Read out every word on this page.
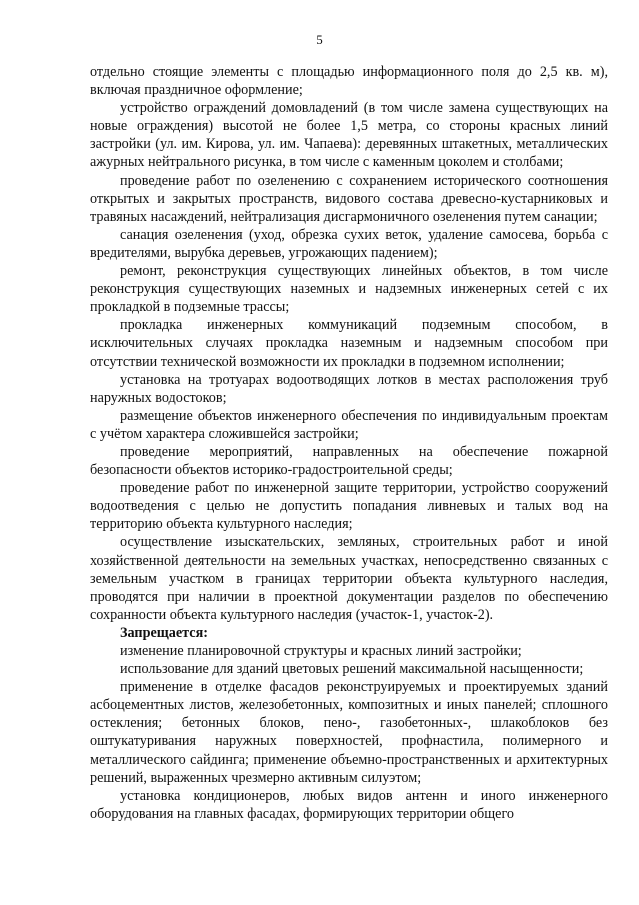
5

отдельно стоящие элементы с площадью информационного поля до 2,5 кв. м), включая праздничное оформление;

устройство ограждений домовладений (в том числе замена существующих на новые ограждения) высотой не более 1,5 метра, со стороны красных линий застройки (ул. им. Кирова, ул. им. Чапаева): деревянных штакетных, металлических ажурных нейтрального рисунка, в том числе с каменным цоколем и столбами;

проведение работ по озеленению с сохранением исторического соотношения открытых и закрытых пространств, видового состава древесно-кустарниковых и травяных насаждений, нейтрализация дисгармоничного озеленения путем санации;

санация озеленения (уход, обрезка сухих веток, удаление самосева, борьба с вредителями, вырубка деревьев, угрожающих падением);

ремонт, реконструкция существующих линейных объектов, в том числе реконструкция существующих наземных и надземных инженерных сетей с их прокладкой в подземные трассы;

прокладка инженерных коммуникаций подземным способом, в исключительных случаях прокладка наземным и надземным способом при отсутствии технической возможности их прокладки в подземном исполнении;

установка на тротуарах водоотводящих лотков в местах расположения труб наружных водостоков;

размещение объектов инженерного обеспечения по индивидуальным проектам с учётом характера сложившейся застройки;

проведение мероприятий, направленных на обеспечение пожарной безопасности объектов историко-градостроительной среды;

проведение работ по инженерной защите территории, устройство сооружений водоотведения с целью не допустить попадания ливневых и талых вод на территорию объекта культурного наследия;

осуществление изыскательских, земляных, строительных работ и иной хозяйственной деятельности на земельных участках, непосредственно связанных с земельным участком в границах территории объекта культурного наследия, проводятся при наличии в проектной документации разделов по обеспечению сохранности объекта культурного наследия (участок-1, участок-2).

Запрещается:

изменение планировочной структуры и красных линий застройки;

использование для зданий цветовых решений максимальной насыщенности;

применение в отделке фасадов реконструируемых и проектируемых зданий асбоцементных листов, железобетонных, композитных и иных панелей; сплошного остекления; бетонных блоков, пено-, газобетонных-, шлакоблоков без оштукатуривания наружных поверхностей, профнастила, полимерного и металлического сайдинга; применение объемно-пространственных и архитектурных решений, выраженных чрезмерно активным силуэтом;

установка кондиционеров, любых видов антенн и иного инженерного оборудования на главных фасадах, формирующих территории общего
